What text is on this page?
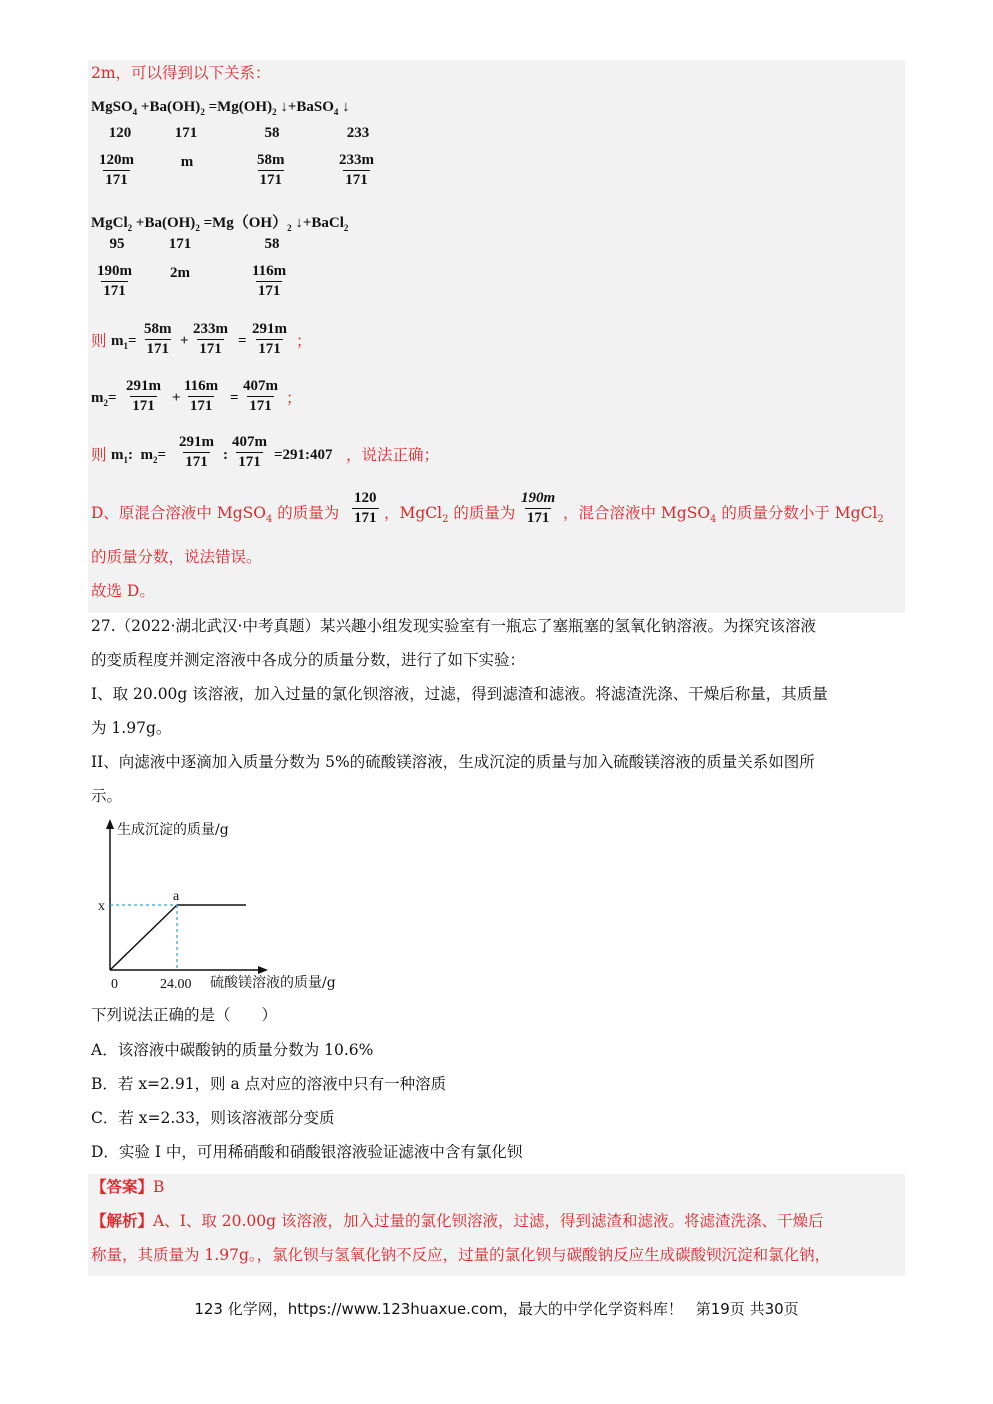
2m，可以得到以下关系：
MgSO$_4$ $+Ba(OH)_2 =Mg(OH)_2$ ↓+BaSO$_4$ ↓
120	171	58	233
$\frac{120m}{171}$	m	$\frac{58m}{171}$	$\frac{233m}{171}$
MgCl$_2$ $+Ba(OH)_2 =Mg(OH)_2$ ↓+BaCl$_2$
95	171	58
$\frac{190m}{171}$	2m	$\frac{116m}{171}$
则 $m_1= \frac{58m}{171} + \frac{233m}{171} = \frac{291m}{171}$ ；
$m_2= \frac{291m}{171} + \frac{116m}{171} = \frac{407m}{171}$ ；
则 $m_1$:  $m_2= \frac{291m}{171}$ : $\frac{407m}{171}$ =291:407 ，说法正确；
D、原混合溶液中 MgSO$_4$ 的质量为 $\frac{120}{171}$ ，MgCl$_2$ 的质量为 $\frac{190m}{171}$ ，混合溶液中 MgSO$_4$ 的质量分数小于 MgCl$_2$
的质量分数，说法错误。
故选 D。
27.（2022·湖北武汉·中考真题）某兴趣小组发现实验室有一瓶忘了塞瓶塞的氢氧化钠溶液。为探究该溶液
的变质程度并测定溶液中各成分的质量分数，进行了如下实验：
I、取 20.00g 该溶液，加入过量的氯化钡溶液，过滤，得到滤渣和滤液。将滤渣洗涤、干燥后称量，其质量
为 1.97g。
II、向滤液中逐滴加入质量分数为 5%的硫酸镁溶液，生成沉淀的质量与加入硫酸镁溶液的质量关系如图所
示。
生成沉淀的质量/g
硫酸镁溶液的质量/g
0	24.00
x
a
下列说法正确的是（　　）
A．该溶液中碳酸钠的质量分数为 10.6%
B．若 x=2.91，则 a 点对应的溶液中只有一种溶质
C．若 x=2.33，则该溶液部分变质
D．实验 I 中，可用稀硝酸和硝酸银溶液验证滤液中含有氯化钡
【答案】B
【解析】A、I、取 20.00g 该溶液，加入过量的氯化钡溶液，过滤，得到滤渣和滤液。将滤渣洗涤、干燥后
称量，其质量为 1.97g。，氯化钡与氢氧化钠不反应，过量的氯化钡与碳酸钠反应生成碳酸钡沉淀和氯化钠，
123 化学网，https://www.123huaxue.com，最大的中学化学资料库！ 第19页 共30页
